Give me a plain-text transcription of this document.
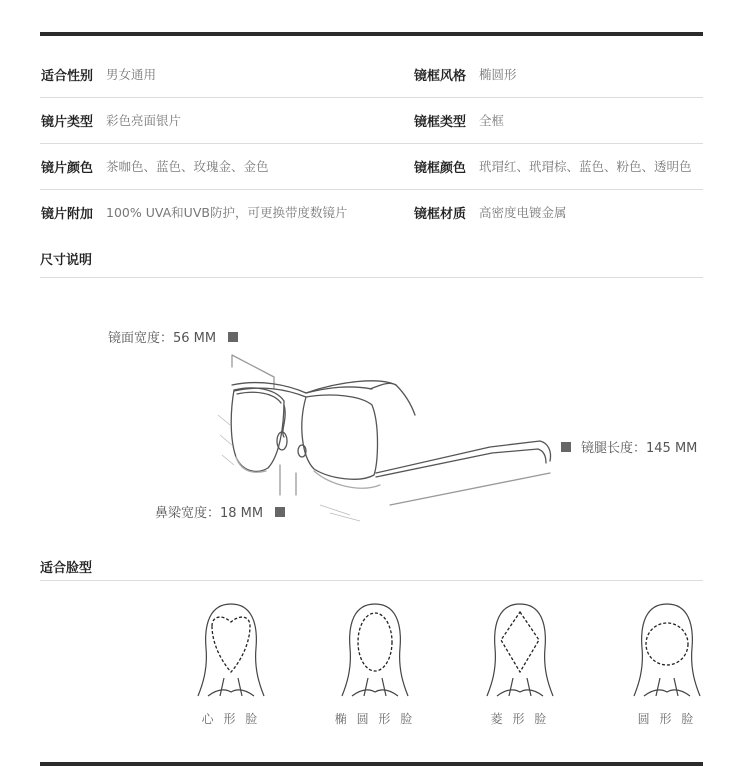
适合性别 男女通用	镜框风格 椭圆形
镜片类型 彩色亮面银片	镜框类型 全框
镜片颜色 茶咖色、蓝色、玫瑰金、金色	镜框颜色 玳瑁红、玳瑁棕、蓝色、粉色、透明色
镜片附加 100% UVA和UVB防护，可更换带度数镜片	镜框材质 高密度电镀金属
尺寸说明
镜面宽度：56 MM
镜腿长度：145 MM
鼻梁宽度：18 MM
适合脸型
心 形 脸	椭 圆 形 脸	菱 形 脸	圆 形 脸
